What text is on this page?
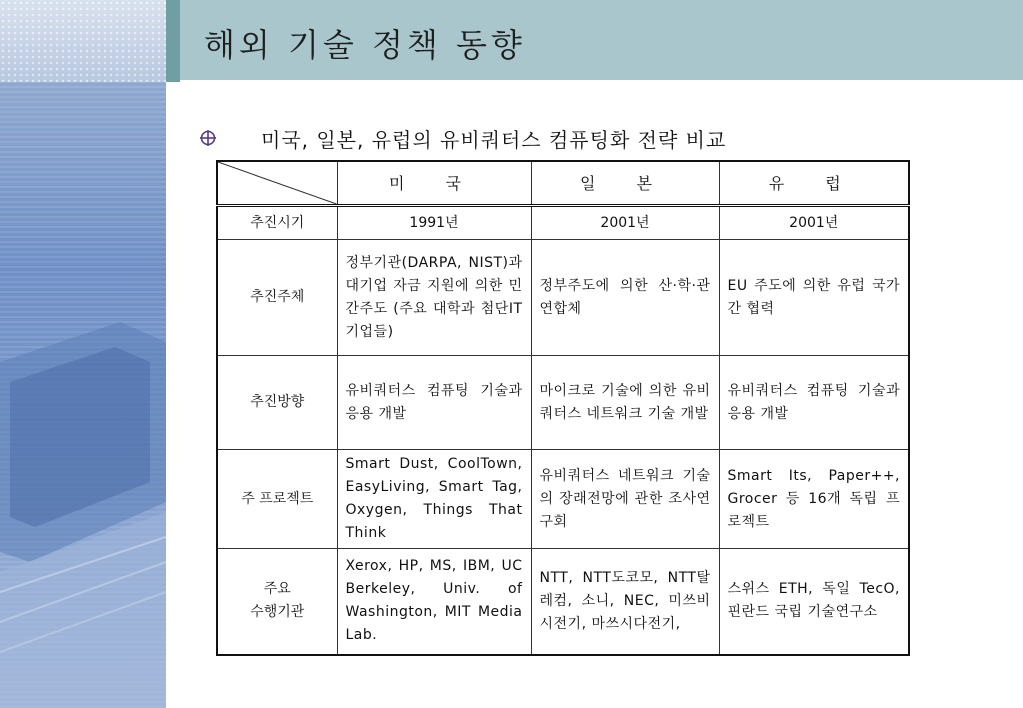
해외 기술 정책 동향
미국, 일본, 유럽의 유비쿼터스 컴퓨팅화 전략 비교
	미 국	일 본	유 럽
추진시기	1991년	2001년	2001년
추진주체	정부기관(DARPA, NIST)과 대기업 자금 지원에 의한 민간주도 (주요 대학과 첨단IT 기업들)	정부주도에 의한 산·학·관 연합체	EU 주도에 의한 유럽 국가간 협력
추진방향	유비쿼터스 컴퓨팅 기술과 응용 개발	마이크로 기술에 의한 유비쿼터스 네트워크 기술 개발	유비쿼터스 컴퓨팅 기술과 응용 개발
주 프로젝트	Smart Dust, CoolTown, EasyLiving, Smart Tag, Oxygen, Things That Think	유비쿼터스 네트워크 기술의 장래전망에 관한 조사연구회	Smart Its, Paper++, Grocer 등 16개 독립 프로젝트
주요
수행기관	Xerox, HP, MS, IBM, UC Berkeley, Univ. of Washington, MIT Media Lab.	NTT, NTT도코모, NTT탈레컴, 소니, NEC, 미쓰비시전기, 마쓰시다전기,	스위스 ETH, 독일 TecO, 핀란드 국립 기술연구소
